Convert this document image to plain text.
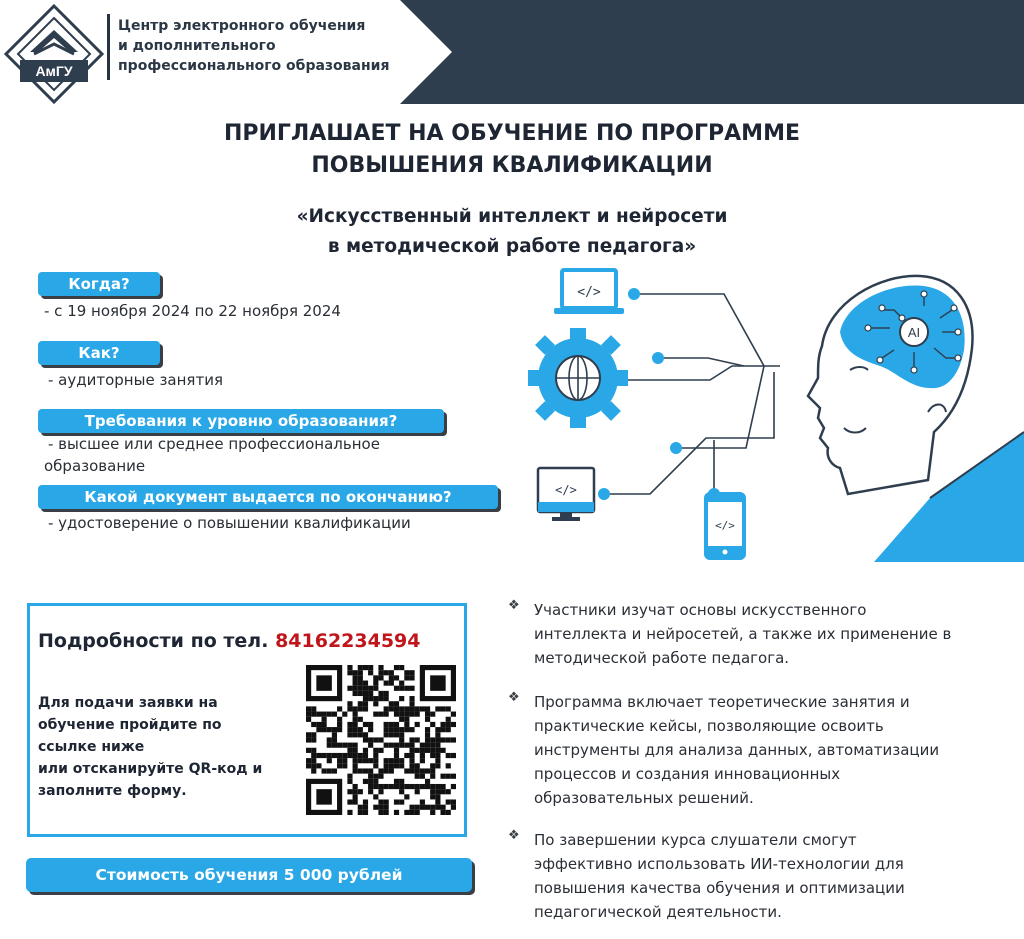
АмГУ
Центр электронного обучения
и дополнительного
профессионального образования
ПРИГЛАШАЕТ НА ОБУЧЕНИЕ ПО ПРОГРАММЕ
ПОВЫШЕНИЯ КВАЛИФИКАЦИИ
«Искусственный интеллект и нейросети
в методической работе педагога»
Когда?
- с 19 ноября 2024 по 22 ноября 2024
Как?
- аудиторные занятия
Требования к уровню образования?
- высшее или среднее профессиональное
образование
Какой документ выдается по окончанию?
- удостоверение о повышении квалификации
</>
</>
</>
AI
Подробности по тел. 84162234594
Для подачи заявки на
обучение пройдите по
ссылке ниже
или отсканируйте QR-код и
заполните форму.
Стоимость обучения 5 000 рублей
❖ Участники изучат основы искусственного
интеллекта и нейросетей, а также их применение в
методической работе педагога.
❖ Программа включает теоретические занятия и
практические кейсы, позволяющие освоить
инструменты для анализа данных, автоматизации
процессов и создания инновационных
образовательных решений.
❖ По завершении курса слушатели смогут
эффективно использовать ИИ-технологии для
повышения качества обучения и оптимизации
педагогической деятельности.
